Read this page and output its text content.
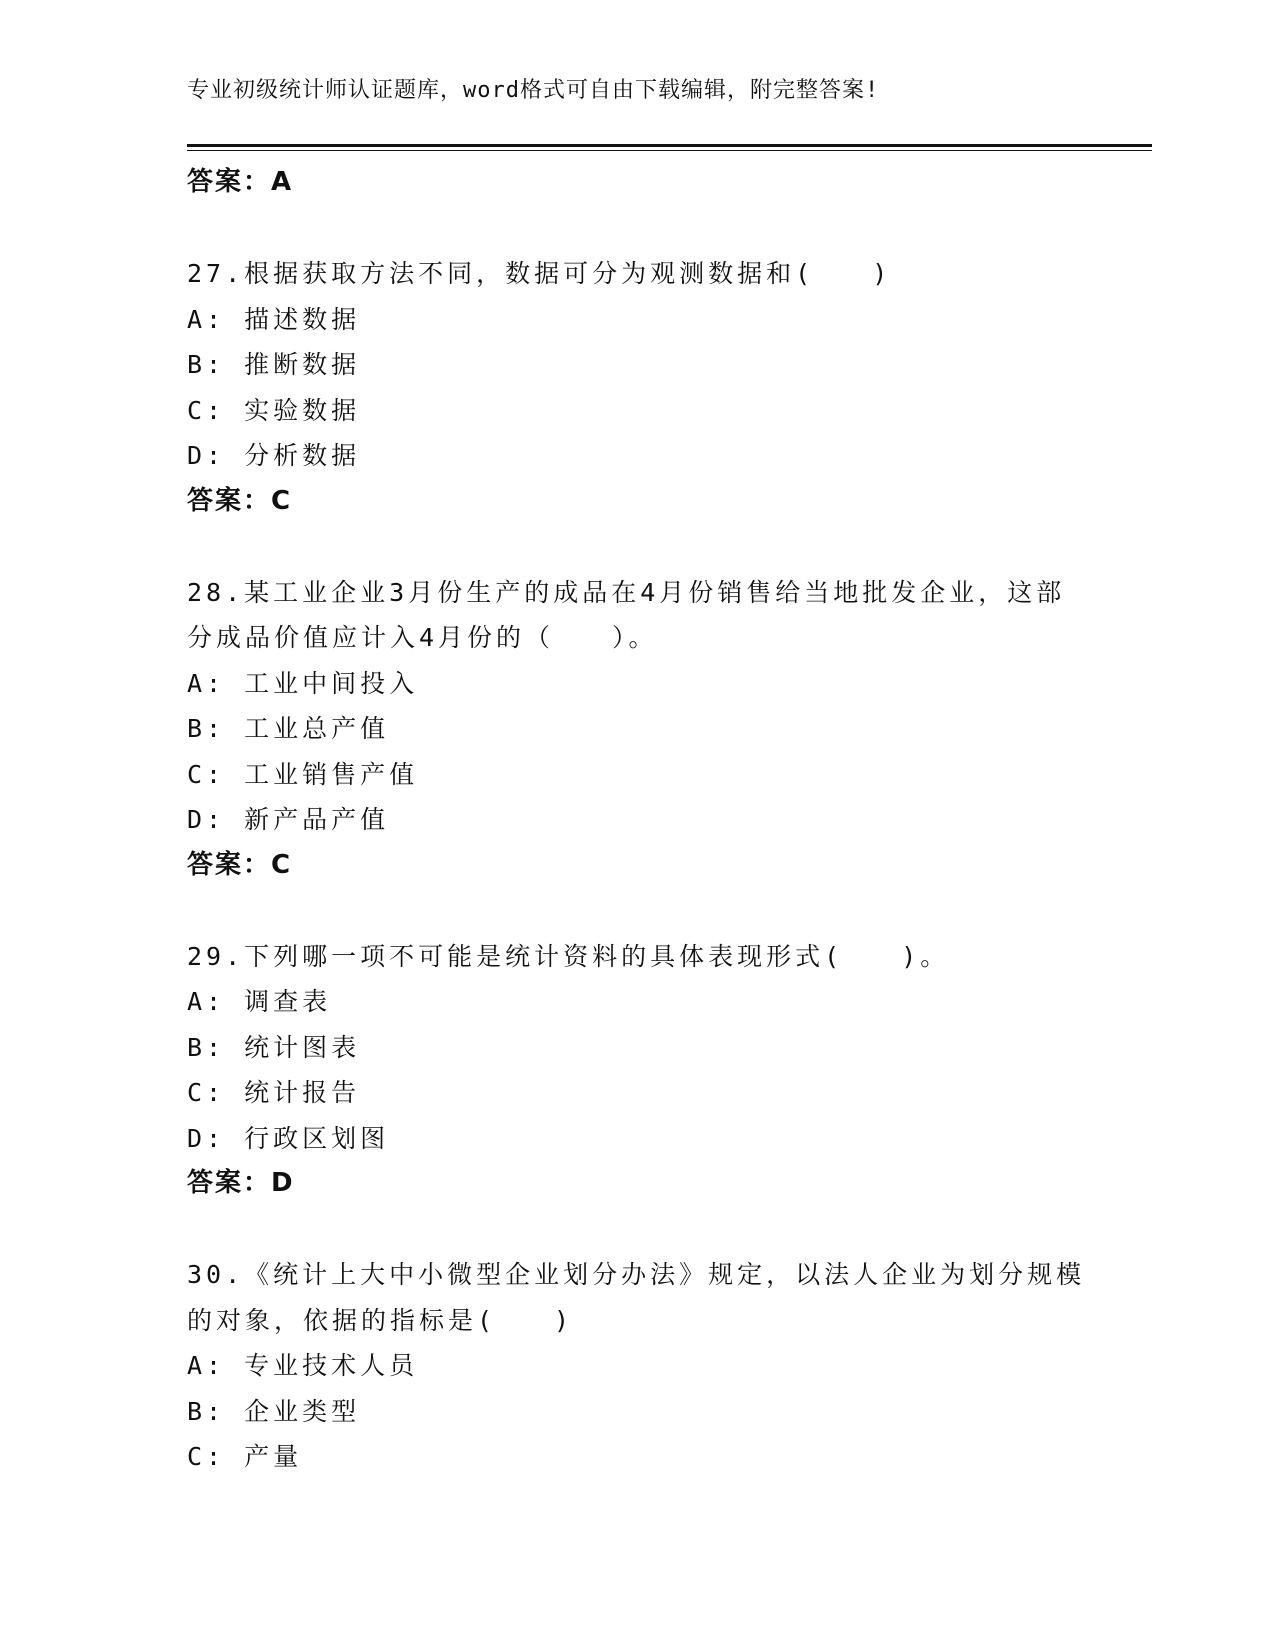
专业初级统计师认证题库，word格式可自由下载编辑，附完整答案!
答案：A
27.根据获取方法不同，数据可分为观测数据和(　　)
A: 描述数据
B: 推断数据
C: 实验数据
D: 分析数据
答案：C
28.某工业企业3月份生产的成品在4月份销售给当地批发企业，这部
分成品价值应计入4月份的（　　）。
A: 工业中间投入
B: 工业总产值
C: 工业销售产值
D: 新产品产值
答案：C
29.下列哪一项不可能是统计资料的具体表现形式(　　)。
A: 调查表
B: 统计图表
C: 统计报告
D: 行政区划图
答案：D
30.《统计上大中小微型企业划分办法》规定，以法人企业为划分规模
的对象，依据的指标是(　　)
A: 专业技术人员
B: 企业类型
C: 产量
